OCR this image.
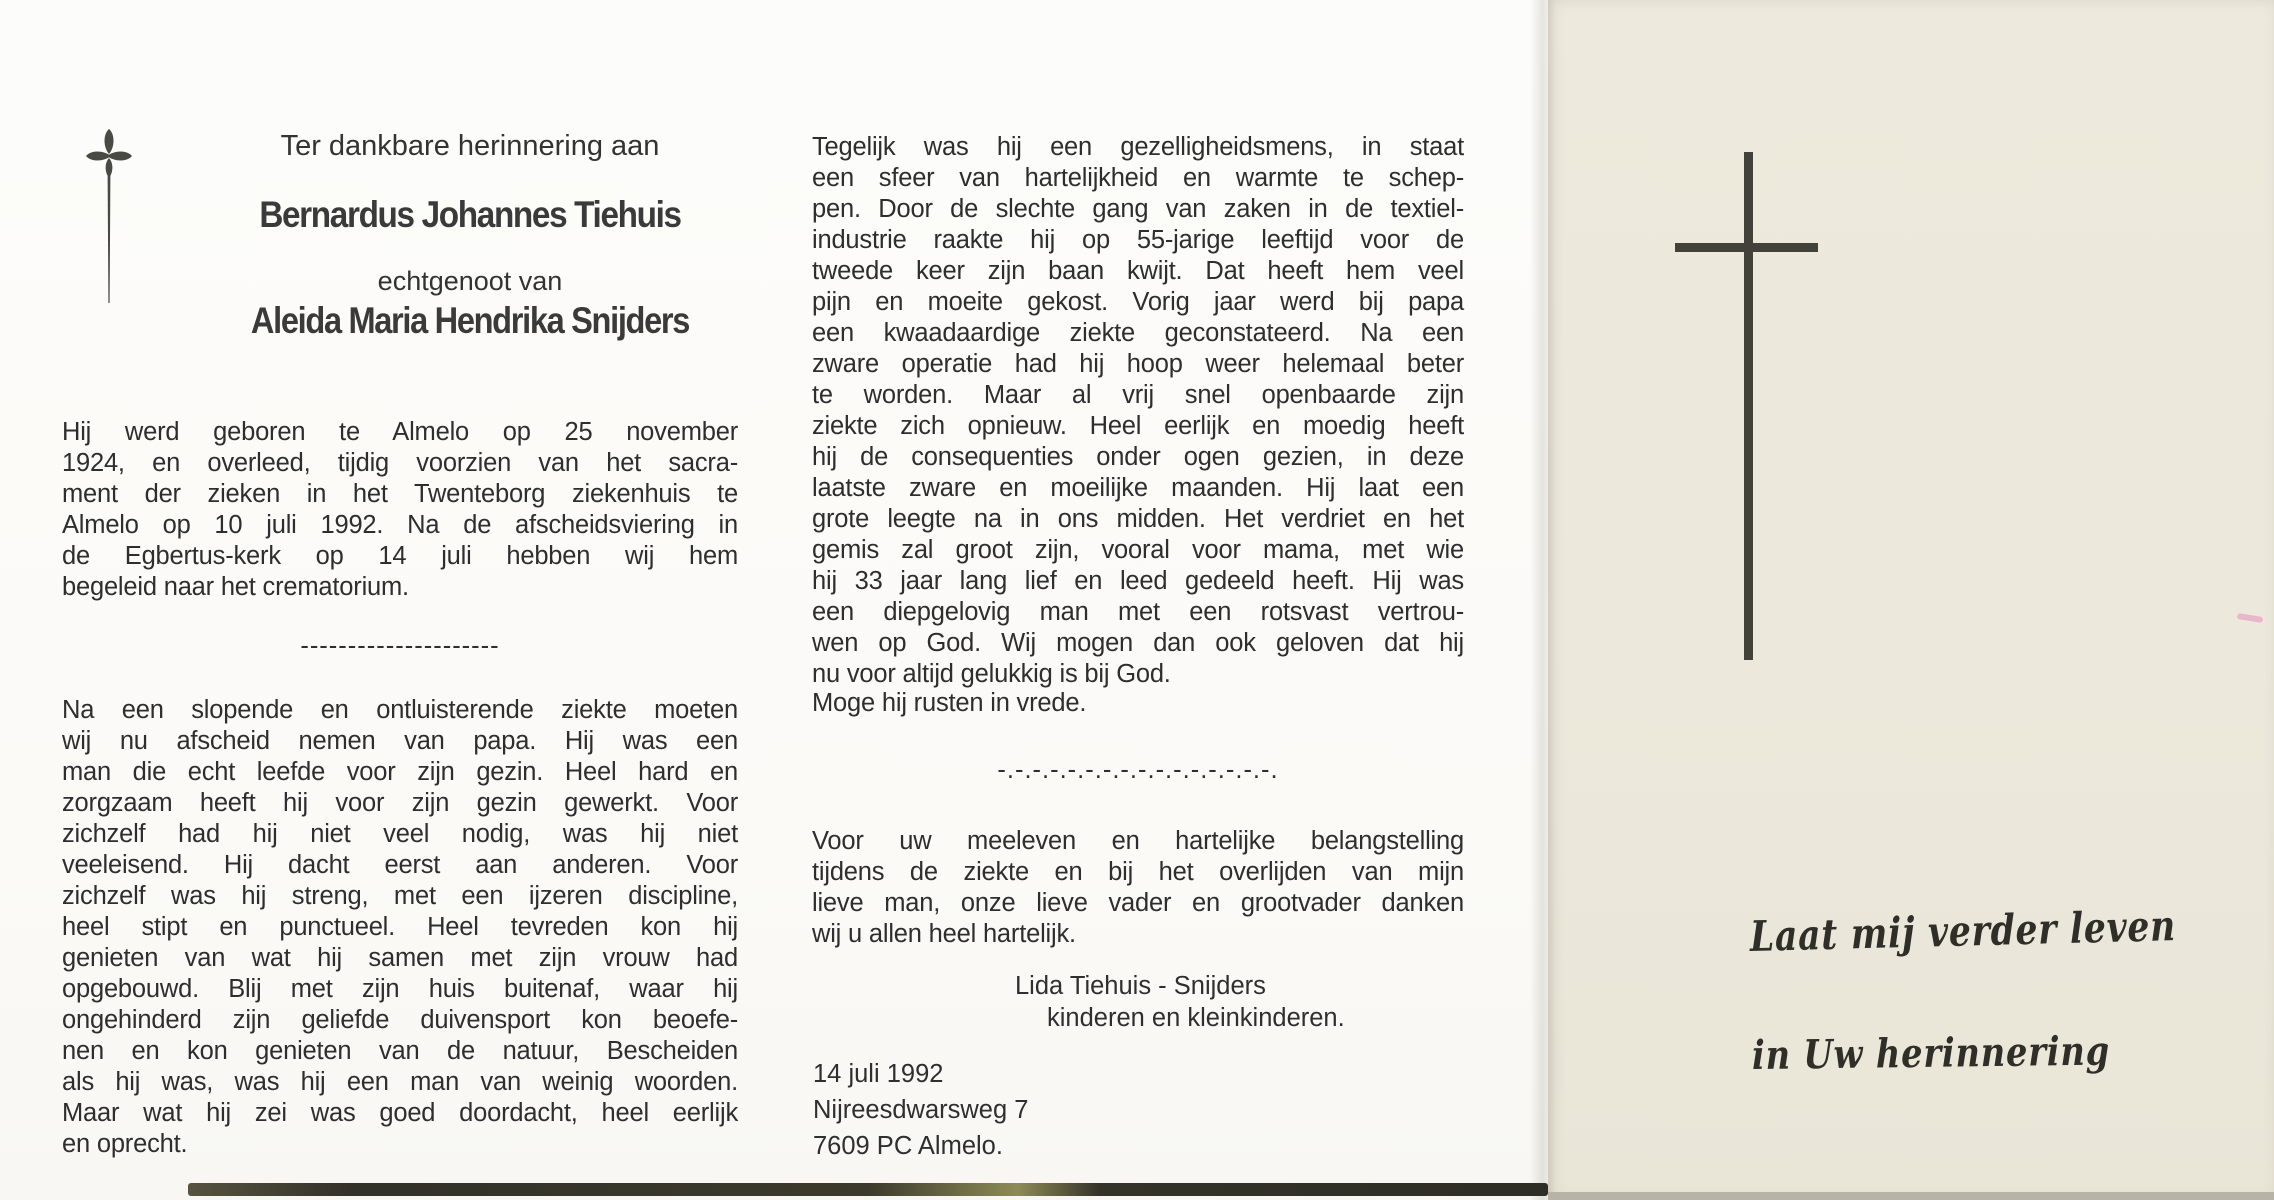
Ter dankbare herinnering aan
Bernardus Johannes Tiehuis
echtgenoot van
Aleida Maria Hendrika Snijders
Hij werd geboren te Almelo op 25 november
1924, en overleed, tijdig voorzien van het sacra-
ment der zieken in het Twenteborg ziekenhuis te
Almelo op 10 juli 1992. Na de afscheidsviering in
de Egbertus-kerk op 14 juli hebben wij hem
begeleid naar het crematorium.
---------------------
Na een slopende en ontluisterende ziekte moeten
wij nu afscheid nemen van papa. Hij was een
man die echt leefde voor zijn gezin. Heel hard en
zorgzaam heeft hij voor zijn gezin gewerkt. Voor
zichzelf had hij niet veel nodig, was hij niet
veeleisend. Hij dacht eerst aan anderen. Voor
zichzelf was hij streng, met een ijzeren discipline,
heel stipt en punctueel. Heel tevreden kon hij
genieten van wat hij samen met zijn vrouw had
opgebouwd. Blij met zijn huis buitenaf, waar hij
ongehinderd zijn geliefde duivensport kon beoefe-
nen en kon genieten van de natuur, Bescheiden
als hij was, was hij een man van weinig woorden.
Maar wat hij zei was goed doordacht, heel eerlijk
en oprecht.
Tegelijk was hij een gezelligheidsmens, in staat
een sfeer van hartelijkheid en warmte te schep-
pen. Door de slechte gang van zaken in de textiel-
industrie raakte hij op 55-jarige leeftijd voor de
tweede keer zijn baan kwijt. Dat heeft hem veel
pijn en moeite gekost. Vorig jaar werd bij papa
een kwaadaardige ziekte geconstateerd. Na een
zware operatie had hij hoop weer helemaal beter
te worden. Maar al vrij snel openbaarde zijn
ziekte zich opnieuw. Heel eerlijk en moedig heeft
hij de consequenties onder ogen gezien, in deze
laatste zware en moeilijke maanden. Hij laat een
grote leegte na in ons midden. Het verdriet en het
gemis zal groot zijn, vooral voor mama, met wie
hij 33 jaar lang lief en leed gedeeld heeft. Hij was
een diepgelovig man met een rotsvast vertrou-
wen op God. Wij mogen dan ook geloven dat hij
nu voor altijd gelukkig is bij God.
Moge hij rusten in vrede.
-.-.-.-.-.-.-.-.-.-.-.-.-.-.-.-.
Voor uw meeleven en hartelijke belangstelling
tijdens de ziekte en bij het overlijden van mijn
lieve man, onze lieve vader en grootvader danken
wij u allen heel hartelijk.
Lida Tiehuis - Snijders
kinderen en kleinkinderen.
14 juli 1992
Nijreesdwarsweg 7
7609 PC Almelo.
Laat mij verder leven
in Uw herinnering
